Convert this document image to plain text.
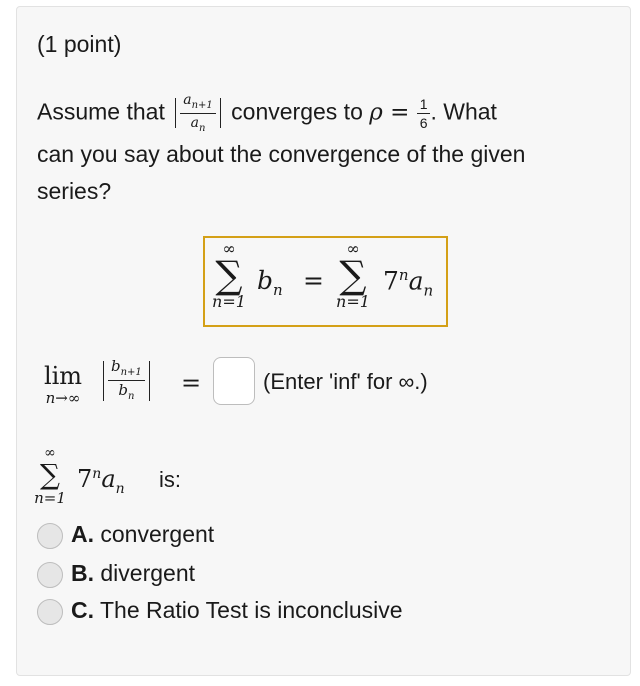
(1 point)
Assume that $\frac{a_{n+1}}{a_n}$ converges to $\rho = \frac{1}{6}$ . What
can you say about the convergence of the given
series?
∞
∑
n=1
$b_n$ =
∞
∑
n=1
$7^na_n$
lim
n→∞	$\frac{b_{n+1}}{b_n}$ =	(Enter 'inf' for ∞.)
∞
∑
n=1
$7^na_n$ is:
A. convergent
B. divergent
C. The Ratio Test is inconclusive
